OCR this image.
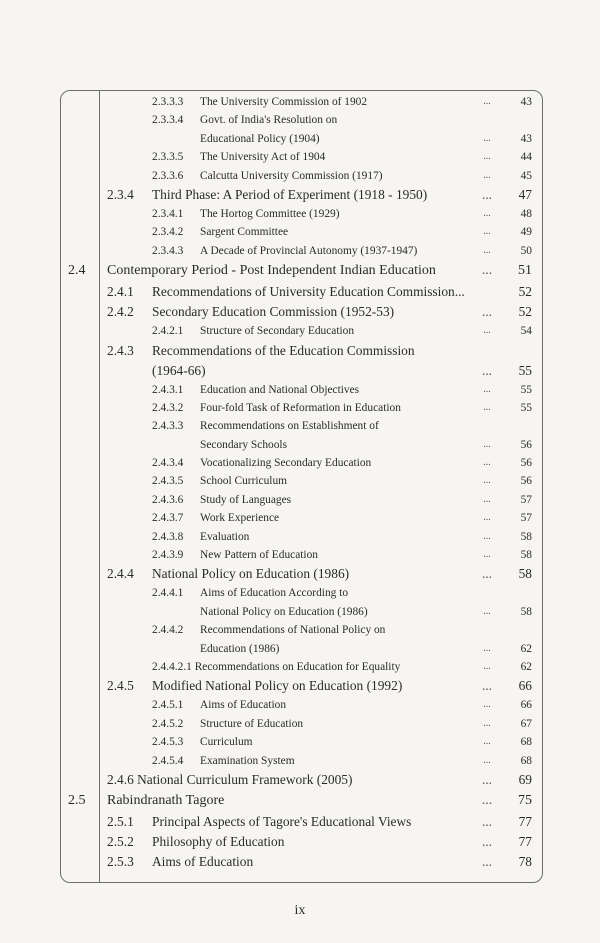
2.3.3.3 The University Commission of 1902	...	43
2.3.3.4 Govt. of India's Resolution on
Educational Policy (1904)	...	43
2.3.3.5 The University Act of 1904	...	44
2.3.3.6 Calcutta University Commission (1917)	...	45
2.3.4 Third Phase: A Period of Experiment (1918 - 1950)	...	47
2.3.4.1 The Hortog Committee (1929)	...	48
2.3.4.2 Sargent Committee	...	49
2.3.4.3 A Decade of Provincial Autonomy (1937-1947)	...	50
2.4 Contemporary Period - Post Independent Indian Education	...	51
2.4.1 Recommendations of University Education Commission...	52
2.4.2 Secondary Education Commission (1952-53)	...	52
2.4.2.1 Structure of Secondary Education	...	54
2.4.3 Recommendations of the Education Commission
(1964-66)	...	55
2.4.3.1 Education and National Objectives	...	55
2.4.3.2 Four-fold Task of Reformation in Education	...	55
2.4.3.3 Recommendations on Establishment of
Secondary Schools	...	56
2.4.3.4 Vocationalizing Secondary Education	...	56
2.4.3.5 School Curriculum	...	56
2.4.3.6 Study of Languages	...	57
2.4.3.7 Work Experience	...	57
2.4.3.8 Evaluation	...	58
2.4.3.9 New Pattern of Education	...	58
2.4.4 National Policy on Education (1986)	...	58
2.4.4.1 Aims of Education According to
National Policy on Education (1986)	...	58
2.4.4.2 Recommendations of National Policy on
Education (1986)	...	62
2.4.4.2.1 Recommendations on Education for Equality	...	62
2.4.5 Modified National Policy on Education (1992)	...	66
2.4.5.1 Aims of Education	...	66
2.4.5.2 Structure of Education	...	67
2.4.5.3 Curriculum	...	68
2.4.5.4 Examination System	...	68
2.4.6 National Curriculum Framework (2005)	...	69
2.5 Rabindranath Tagore	...	75
2.5.1 Principal Aspects of Tagore's Educational Views	...	77
2.5.2 Philosophy of Education	...	77
2.5.3 Aims of Education	...	78
ix
